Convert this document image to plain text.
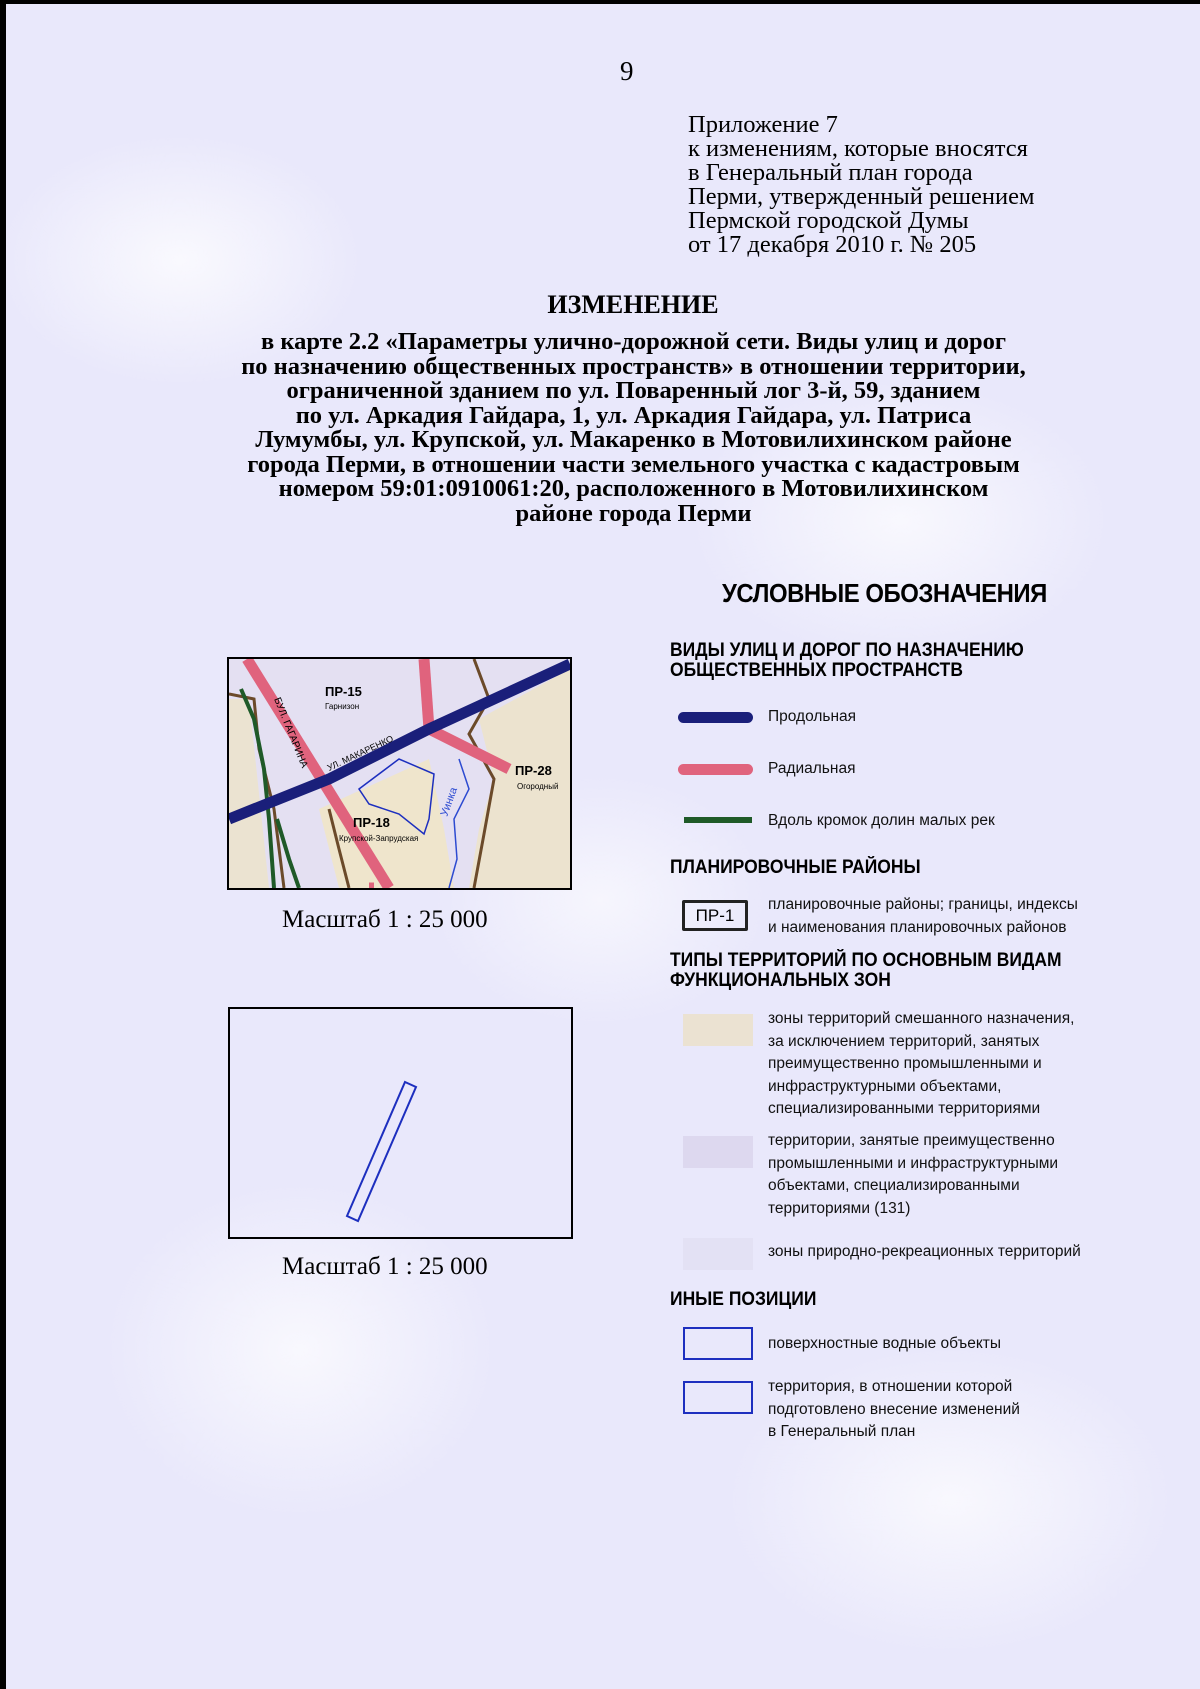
9
Приложение 7
к изменениям, которые вносятся
в Генеральный план города
Перми, утвержденный решением
Пермской городской Думы
от 17 декабря 2010 г. № 205
ИЗМЕНЕНИЕ
в карте 2.2 «Параметры улично-дорожной сети. Виды улиц и дорог
по назначению общественных пространств» в отношении территории,
ограниченной зданием по ул. Поваренный лог 3-й, 59, зданием
по ул. Аркадия Гайдара, 1, ул. Аркадия Гайдара, ул. Патриса
Лумумбы, ул. Крупской, ул. Макаренко в Мотовилихинском районе
города Перми, в отношении части земельного участка с кадастровым
номером 59:01:0910061:20, расположенного в Мотовилихинском
районе города Перми
ПР-15
Гарнизон
ПР-18
Крупской-Запрудская
ПР-28
Огородный
БУЛ. ГАГАРИНА УЛ. МАКАРЕНКО
Уинка
Масштаб 1 : 25 000
Масштаб 1 : 25 000
УСЛОВНЫЕ ОБОЗНАЧЕНИЯ
ВИДЫ УЛИЦ И ДОРОГ ПО НАЗНАЧЕНИЮ
ОБЩЕСТВЕННЫХ ПРОСТРАНСТВ
Продольная
Радиальная
Вдоль кромок долин малых рек
ПЛАНИРОВОЧНЫЕ РАЙОНЫ
ПР-1
планировочные районы; границы, индексы
и наименования планировочных районов
ТИПЫ ТЕРРИТОРИЙ ПО ОСНОВНЫМ ВИДАМ
ФУНКЦИОНАЛЬНЫХ ЗОН
зоны территорий смешанного назначения,
за исключением территорий, занятых
преимущественно промышленными и
инфраструктурными объектами,
специализированными территориями
территории, занятые преимущественно
промышленными и инфраструктурными
объектами, специализированными
территориями (131)
зоны природно-рекреационных территорий
ИНЫЕ ПОЗИЦИИ
поверхностные водные объекты
территория, в отношении которой
подготовлено внесение изменений
в Генеральный план
